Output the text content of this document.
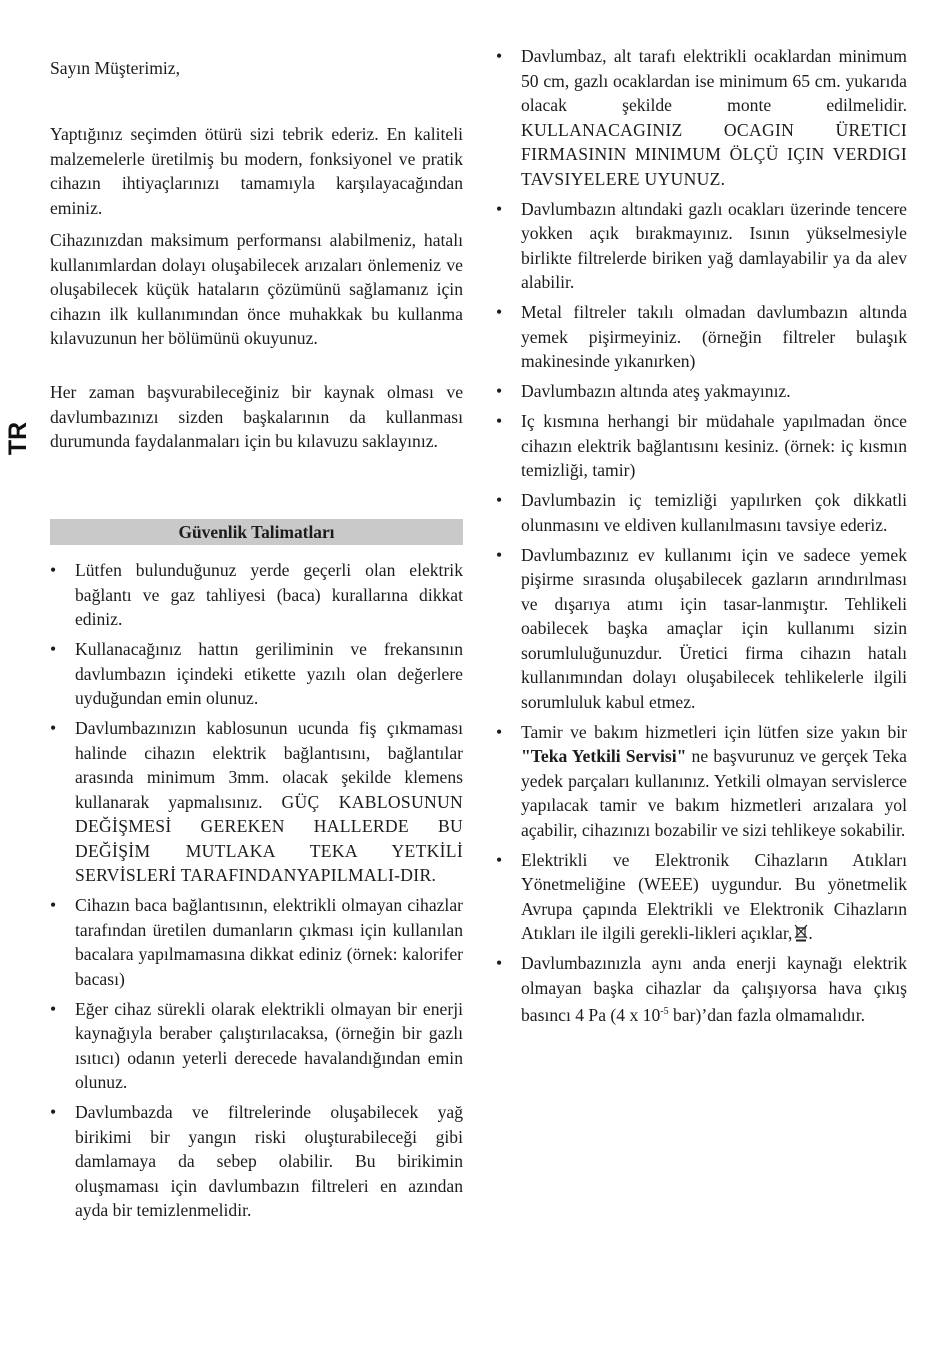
TR
Sayın Müşterimiz,
Yaptığınız seçimden ötürü sizi tebrik ederiz. En kaliteli malzemelerle üretilmiş bu modern, fonksiyonel ve pratik cihazın ihtiyaçlarınızı tamamıyla karşılayacağından eminiz.
Cihazınızdan maksimum performansı alabilmeniz, hatalı kullanımlardan dolayı oluşabilecek arızaları önlemeniz ve oluşabilecek küçük hataların çözümünü sağlamanız için cihazın ilk kullanımından önce muhakkak bu kullanma kılavuzunun her bölümünü okuyunuz.
Her zaman başvurabileceğiniz bir kaynak olması ve davlumbazınızı sizden başkalarının da kullanması durumunda faydalanmaları için bu kılavuzu saklayınız.
Güvenlik Talimatları
•	Lütfen bulunduğunuz yerde geçerli olan elektrik bağlantı ve gaz tahliyesi (baca) kurallarına dikkat ediniz.
•	Kullanacağınız hattın geriliminin ve frekansının davlumbazın içindeki etikette yazılı olan değerlere uyduğundan emin olunuz.
•	Davlumbazınızın kablosunun ucunda fiş çıkmaması halinde cihazın elektrik bağlantısını, bağlantılar arasında minimum 3mm. olacak şekilde klemens kullanarak yapmalısınız. GÜÇ KABLOSUNUN DEĞİŞMESİ GEREKEN HALLERDE BU DEĞİŞİM MUTLAKA TEKA YETKİLİ SERVİSLERİ TARAFINDANYAPILMALI-DIR.
•	Cihazın baca bağlantısının, elektrikli olmayan cihazlar tarafından üretilen dumanların çıkması için kullanılan bacalara yapılmamasına dikkat ediniz (örnek: kalorifer bacası)
•	Eğer cihaz sürekli olarak elektrikli olmayan bir enerji kaynağıyla beraber çalıştırılacaksa, (örneğin bir gazlı ısıtıcı) odanın yeterli derecede havalandığından emin olunuz.
•	Davlumbazda ve filtrelerinde oluşabilecek yağ birikimi bir yangın riski oluşturabileceği gibi damlamaya da sebep olabilir. Bu birikimin oluşmaması için davlumbazın filtreleri en azından ayda bir temizlenmelidir.
•	Davlumbaz, alt tarafı elektrikli ocaklardan minimum 50 cm, gazlı ocaklardan ise minimum 65 cm. yukarıda olacak şekilde monte edilmelidir. KULLANACAGINIZ OCAGIN ÜRETICI FIRMASININ MINIMUM ÖLÇÜ IÇIN VERDIGI TAVSIYELERE UYUNUZ.
•	Davlumbazın altındaki gazlı ocakları üzerinde tencere yokken açık bırakmayınız. Isının yükselmesiyle birlikte filtrelerde biriken yağ damlayabilir ya da alev alabilir.
•	Metal filtreler takılı olmadan davlumbazın altında yemek pişirmeyiniz. (örneğin filtreler bulaşık makinesinde yıkanırken)
•	Davlumbazın altında ateş yakmayınız.
•	Iç kısmına herhangi bir müdahale yapılmadan önce cihazın elektrik bağlantısını kesiniz. (örnek: iç kısmın temizliği, tamir)
•	Davlumbazin iç temizliği yapılırken çok dikkatli olunmasını ve eldiven kullanılmasını tavsiye ederiz.
•	Davlumbazınız ev kullanımı için ve sadece yemek pişirme sırasında oluşabilecek gazların arındırılması ve dışarıya atımı için tasar-lanmıştır. Tehlikeli oabilecek başka amaçlar için kullanımı sizin sorumluluğunuzdur. Üretici firma cihazın hatalı kullanımından dolayı oluşabilecek tehlikelerle ilgili sorumluluk kabul etmez.
•	Tamir ve bakım hizmetleri için lütfen size yakın bir "Teka Yetkili Servisi" ne başvurunuz ve gerçek Teka yedek parçaları kullanınız. Yetkili olmayan servislerce yapılacak tamir ve bakım hizmetleri arızalara yol açabilir, cihazınızı bozabilir ve sizi tehlikeye sokabilir.
•	Elektrikli ve Elektronik Cihazların Atıkları Yönetmeliğine (WEEE) uygundur. Bu yönetmelik Avrupa çapında Elektrikli ve Elektronik Cihazların Atıkları ile ilgili gerekli-likleri açıklar, .
•	Davlumbazınızla aynı anda enerji kaynağı elektrik olmayan başka cihazlar da çalışıyorsa hava çıkış basıncı 4 Pa (4 x $10^{-5}$ bar)’dan fazla olmamalıdır.
